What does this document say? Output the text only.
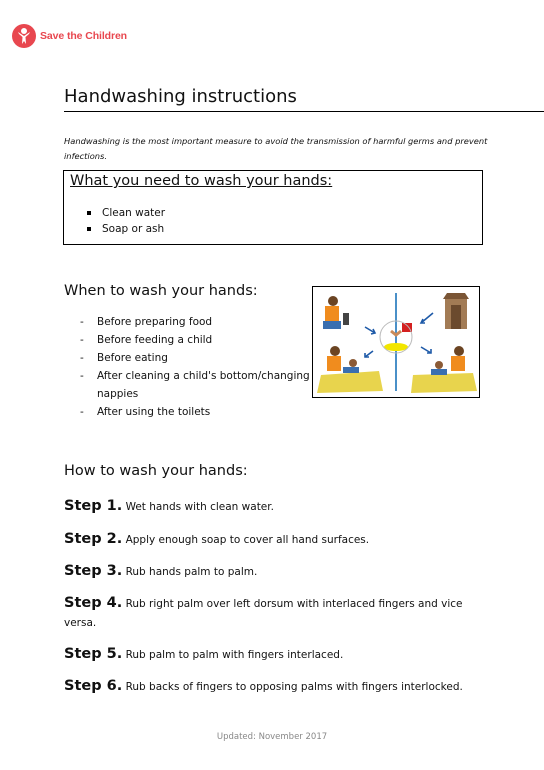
Save the Children
Handwashing instructions
Handwashing is the most important measure to avoid the transmission of harmful germs and prevent infections.
What you need to wash your hands:
Clean water
Soap or ash
When to wash your hands:
- Before preparing food
- Before feeding a child
- Before eating
- After cleaning a child's bottom/changing nappies
- After using the toilets
How to wash your hands:
Step 1. Wet hands with clean water.
Step 2. Apply enough soap to cover all hand surfaces.
Step 3. Rub hands palm to palm.
Step 4. Rub right palm over left dorsum with interlaced fingers and vice versa.
Step 5. Rub palm to palm with fingers interlaced.
Step 6. Rub backs of fingers to opposing palms with fingers interlocked.
Updated: November 2017
